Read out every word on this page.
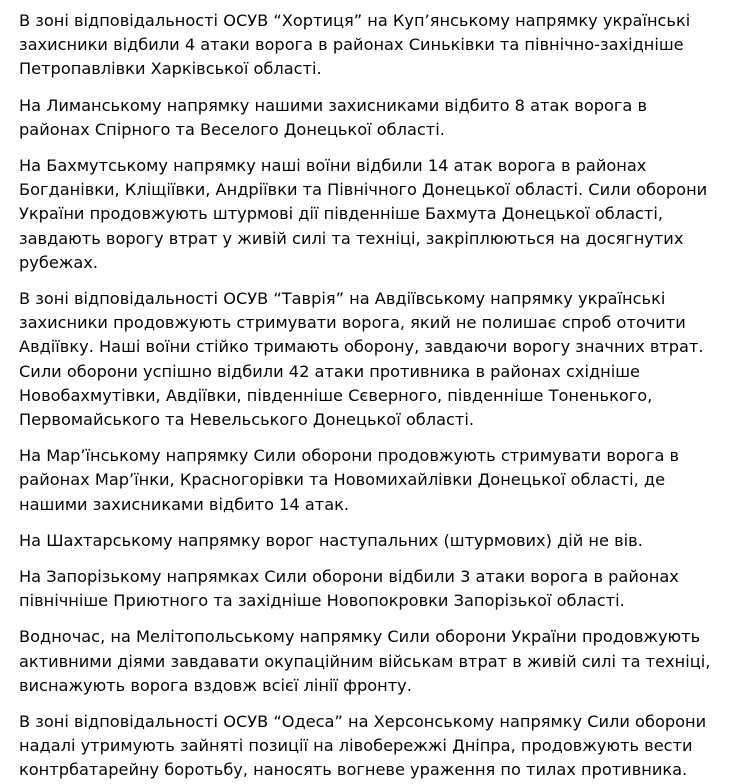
В зоні відповідальності ОСУВ “Хортиця” на Куп’янському напрямку українські захисники відбили 4 атаки ворога в районах Синьківки та північно-західніше Петропавлівки Харківської області.

На Лиманському напрямку нашими захисниками відбито 8 атак ворога в районах Спірного та Веселого Донецької області.

На Бахмутському напрямку наші воїни відбили 14 атак ворога в районах Богданівки, Кліщіївки, Андріївки та Північного Донецької області. Сили оборони України продовжують штурмові дії південніше Бахмута Донецької області, завдають ворогу втрат у живій силі та техніці, закріплюються на досягнутих рубежах.

В зоні відповідальності ОСУВ “Таврія” на Авдіївському напрямку українські захисники продовжують стримувати ворога, який не полишає спроб оточити Авдіївку. Наші воїни стійко тримають оборону, завдаючи ворогу значних втрат. Сили оборони успішно відбили 42 атаки противника в районах східніше Новобахмутівки, Авдіївки, південніше Сєверного, південніше Тоненького, Первомайського та Невельського Донецької області.

На Мар’їнському напрямку Сили оборони продовжують стримувати ворога в районах Мар’їнки, Красногорівки та Новомихайлівки Донецької області, де нашими захисниками відбито 14 атак.

На Шахтарському напрямку ворог наступальних (штурмових) дій не вів.

На Запорізькому напрямках Сили оборони відбили 3 атаки ворога в районах північніше Приютного та західніше Новопокровки Запорізької області.

Водночас, на Мелітопольському напрямку Сили оборони України продовжують активними діями завдавати окупаційним військам втрат в живій силі та техніці, виснажують ворога вздовж всієї лінії фронту.

В зоні відповідальності ОСУВ “Одеса” на Херсонському напрямку Сили оборони надалі утримують зайняті позиції на лівобережжі Дніпра, продовжують вести контрбатарейну боротьбу, наносять вогневе ураження по тилах противника.
